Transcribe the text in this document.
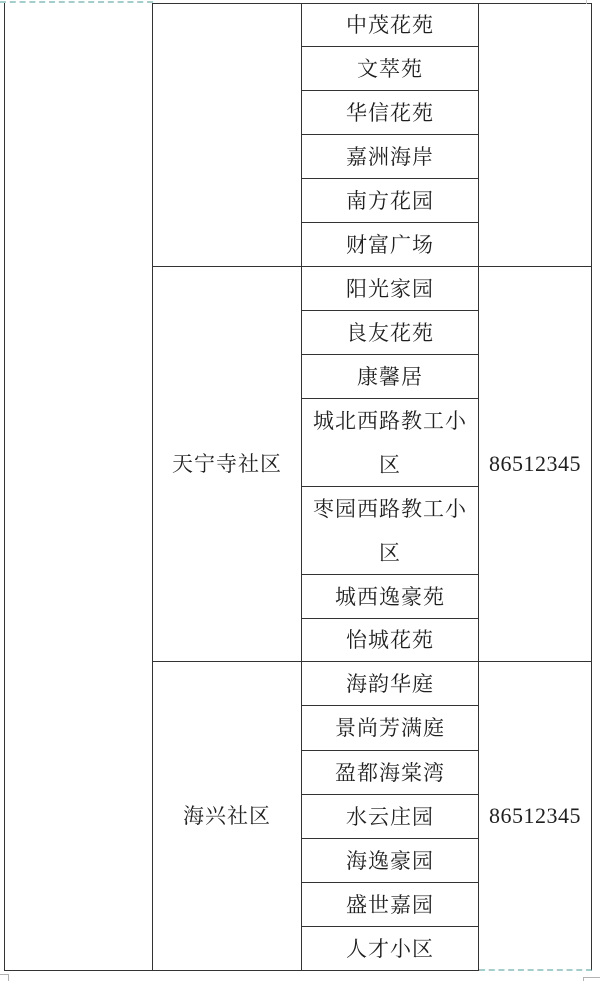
天宁寺社区
海兴社区
中茂花苑
文萃苑
华信花苑
嘉洲海岸
南方花园
财富广场
阳光家园
良友花苑
康馨居
城北西路教工小区
枣园西路教工小区
城西逸豪苑
怡城花苑
海韵华庭
景尚芳满庭
盈都海棠湾
水云庄园
海逸豪园
盛世嘉园
人才小区
86512345
86512345
